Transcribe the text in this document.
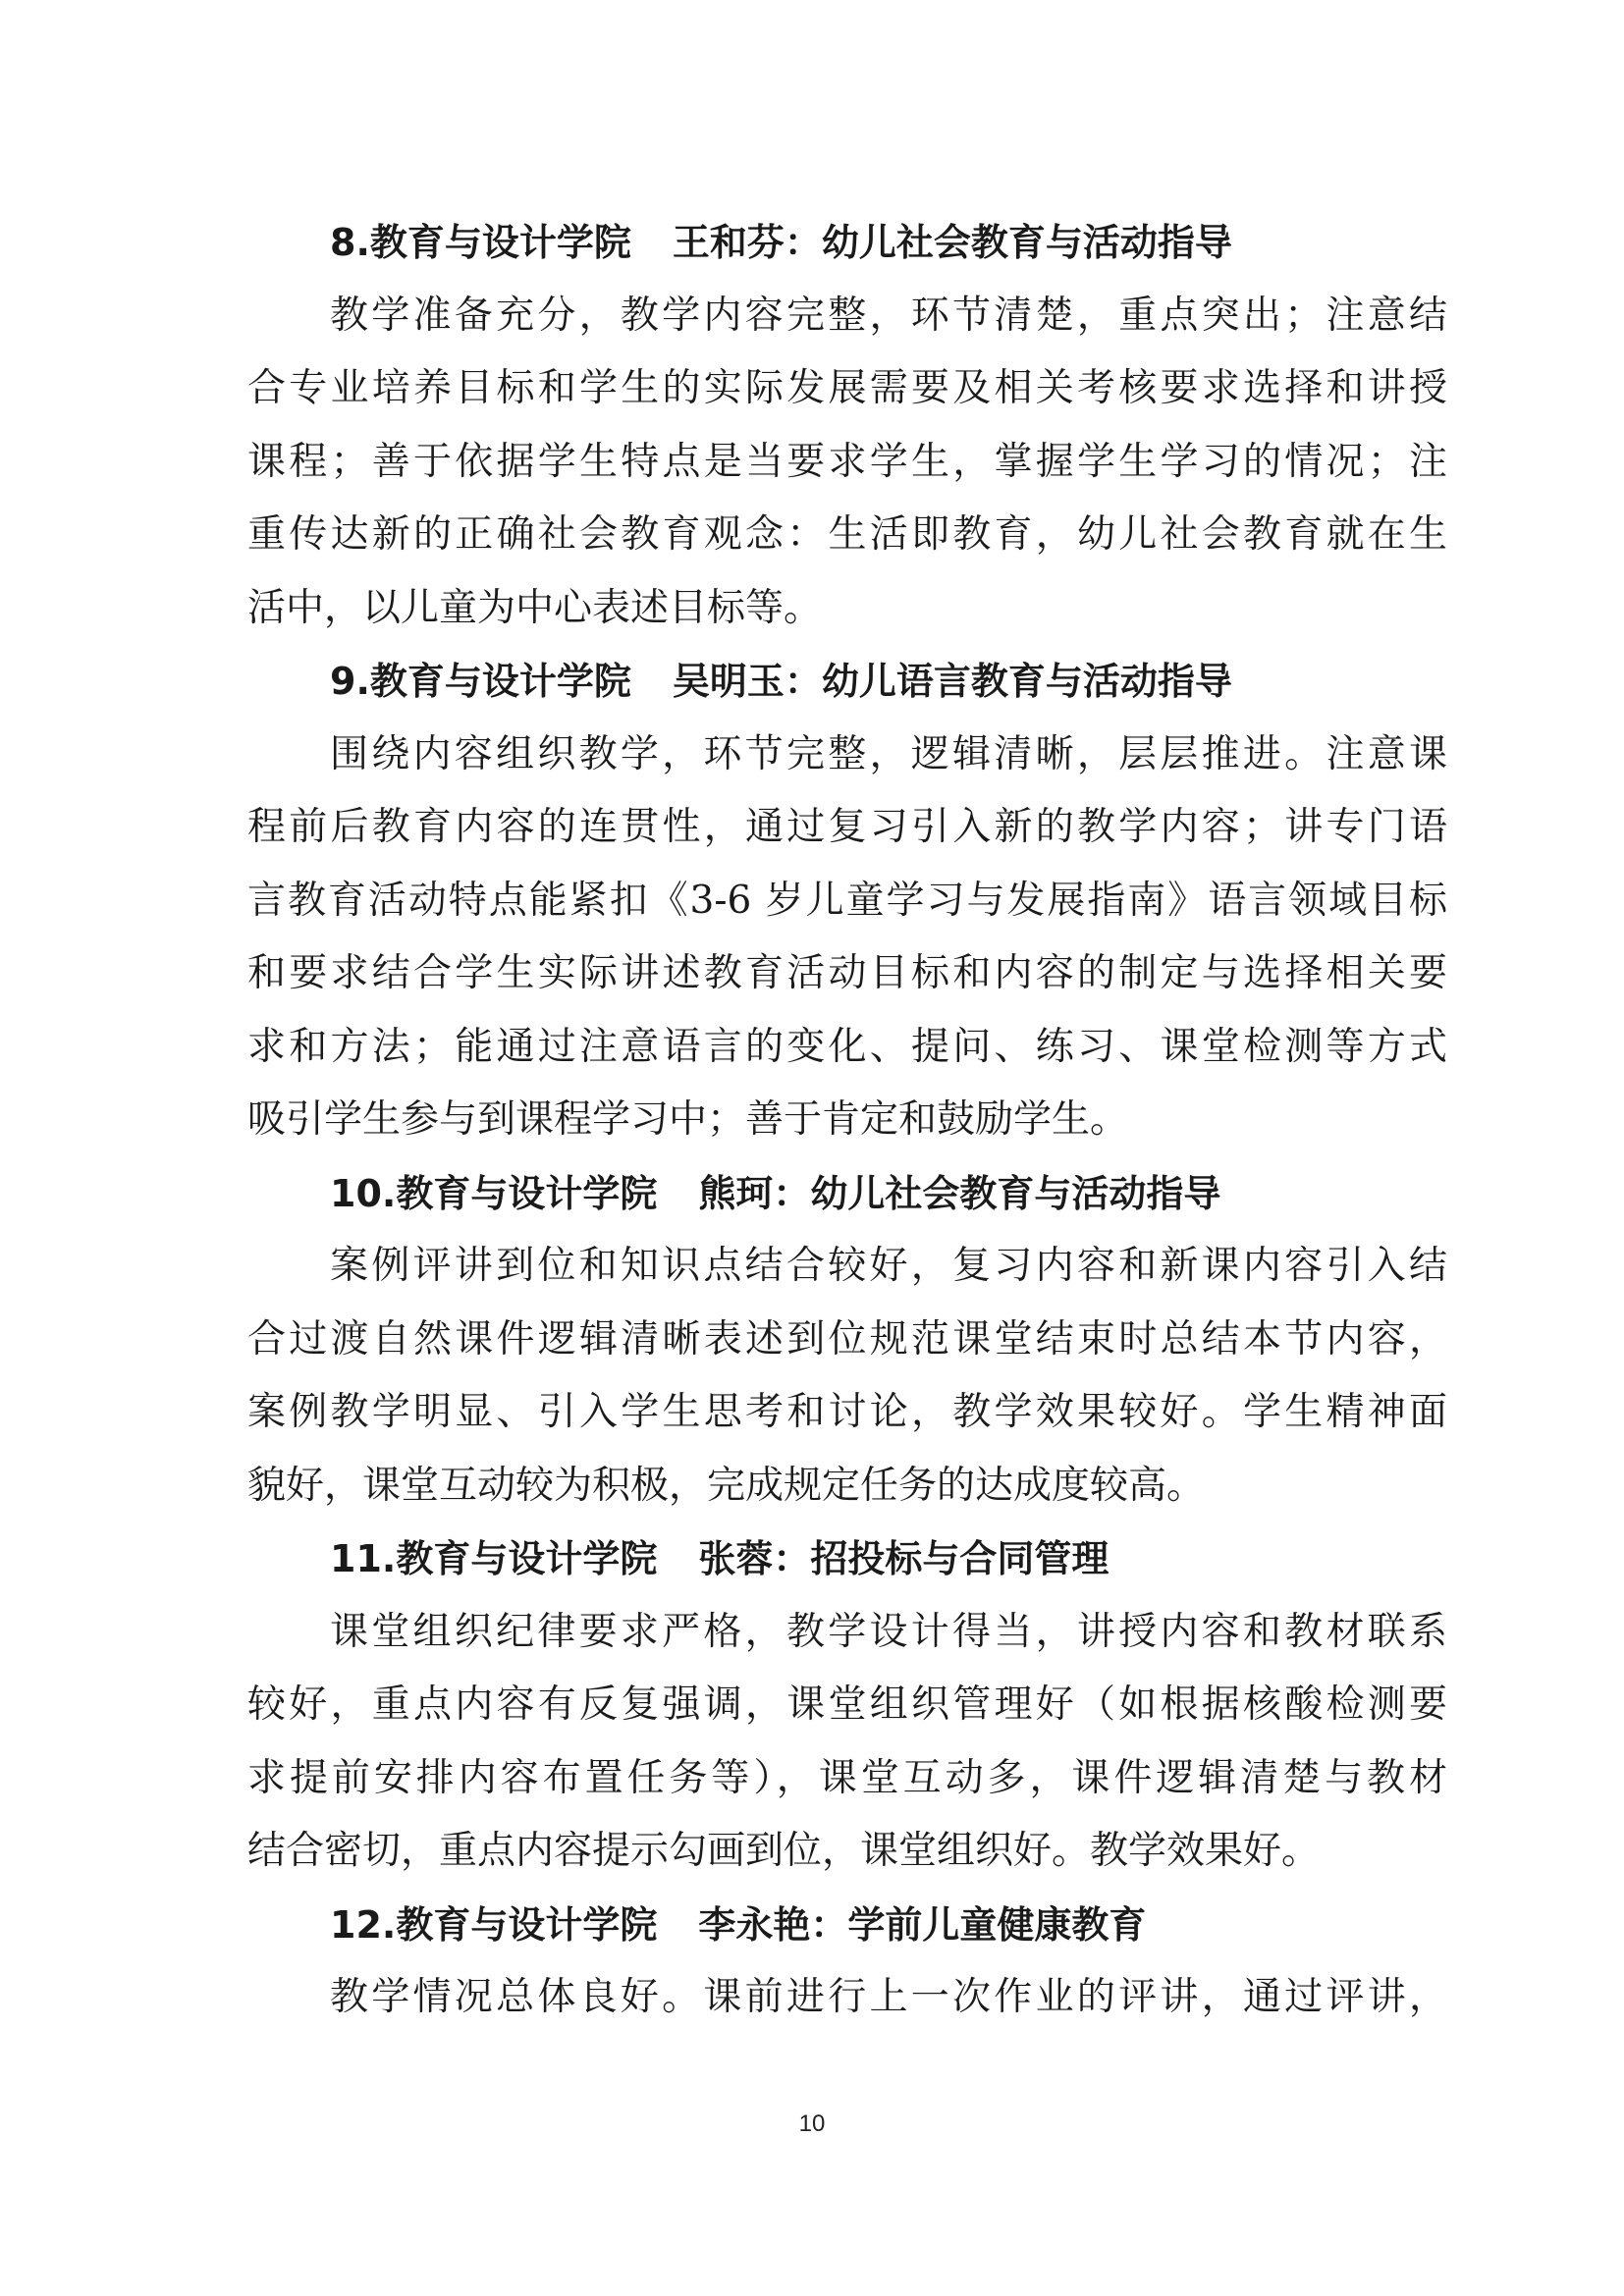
8.教育与设计学院 王和芬：幼儿社会教育与活动指导
教学准备充分，教学内容完整，环节清楚，重点突出；注意结
合专业培养目标和学生的实际发展需要及相关考核要求选择和讲授
课程；善于依据学生特点是当要求学生，掌握学生学习的情况；注
重传达新的正确社会教育观念：生活即教育，幼儿社会教育就在生
活中，以儿童为中心表述目标等。
9.教育与设计学院 吴明玉：幼儿语言教育与活动指导
围绕内容组织教学，环节完整，逻辑清晰，层层推进。注意课
程前后教育内容的连贯性，通过复习引入新的教学内容；讲专门语
言教育活动特点能紧扣《3-6 岁儿童学习与发展指南》语言领域目标
和要求结合学生实际讲述教育活动目标和内容的制定与选择相关要
求和方法；能通过注意语言的变化、提问、练习、课堂检测等方式
吸引学生参与到课程学习中；善于肯定和鼓励学生。
10.教育与设计学院 熊珂：幼儿社会教育与活动指导
案例评讲到位和知识点结合较好，复习内容和新课内容引入结
合过渡自然课件逻辑清晰表述到位规范课堂结束时总结本节内容，
案例教学明显、引入学生思考和讨论，教学效果较好。学生精神面
貌好，课堂互动较为积极，完成规定任务的达成度较高。
11.教育与设计学院 张蓉：招投标与合同管理
课堂组织纪律要求严格，教学设计得当，讲授内容和教材联系
较好，重点内容有反复强调，课堂组织管理好（如根据核酸检测要
求提前安排内容布置任务等），课堂互动多，课件逻辑清楚与教材
结合密切，重点内容提示勾画到位，课堂组织好。教学效果好。
12.教育与设计学院 李永艳：学前儿童健康教育
教学情况总体良好。课前进行上一次作业的评讲，通过评讲，
10
